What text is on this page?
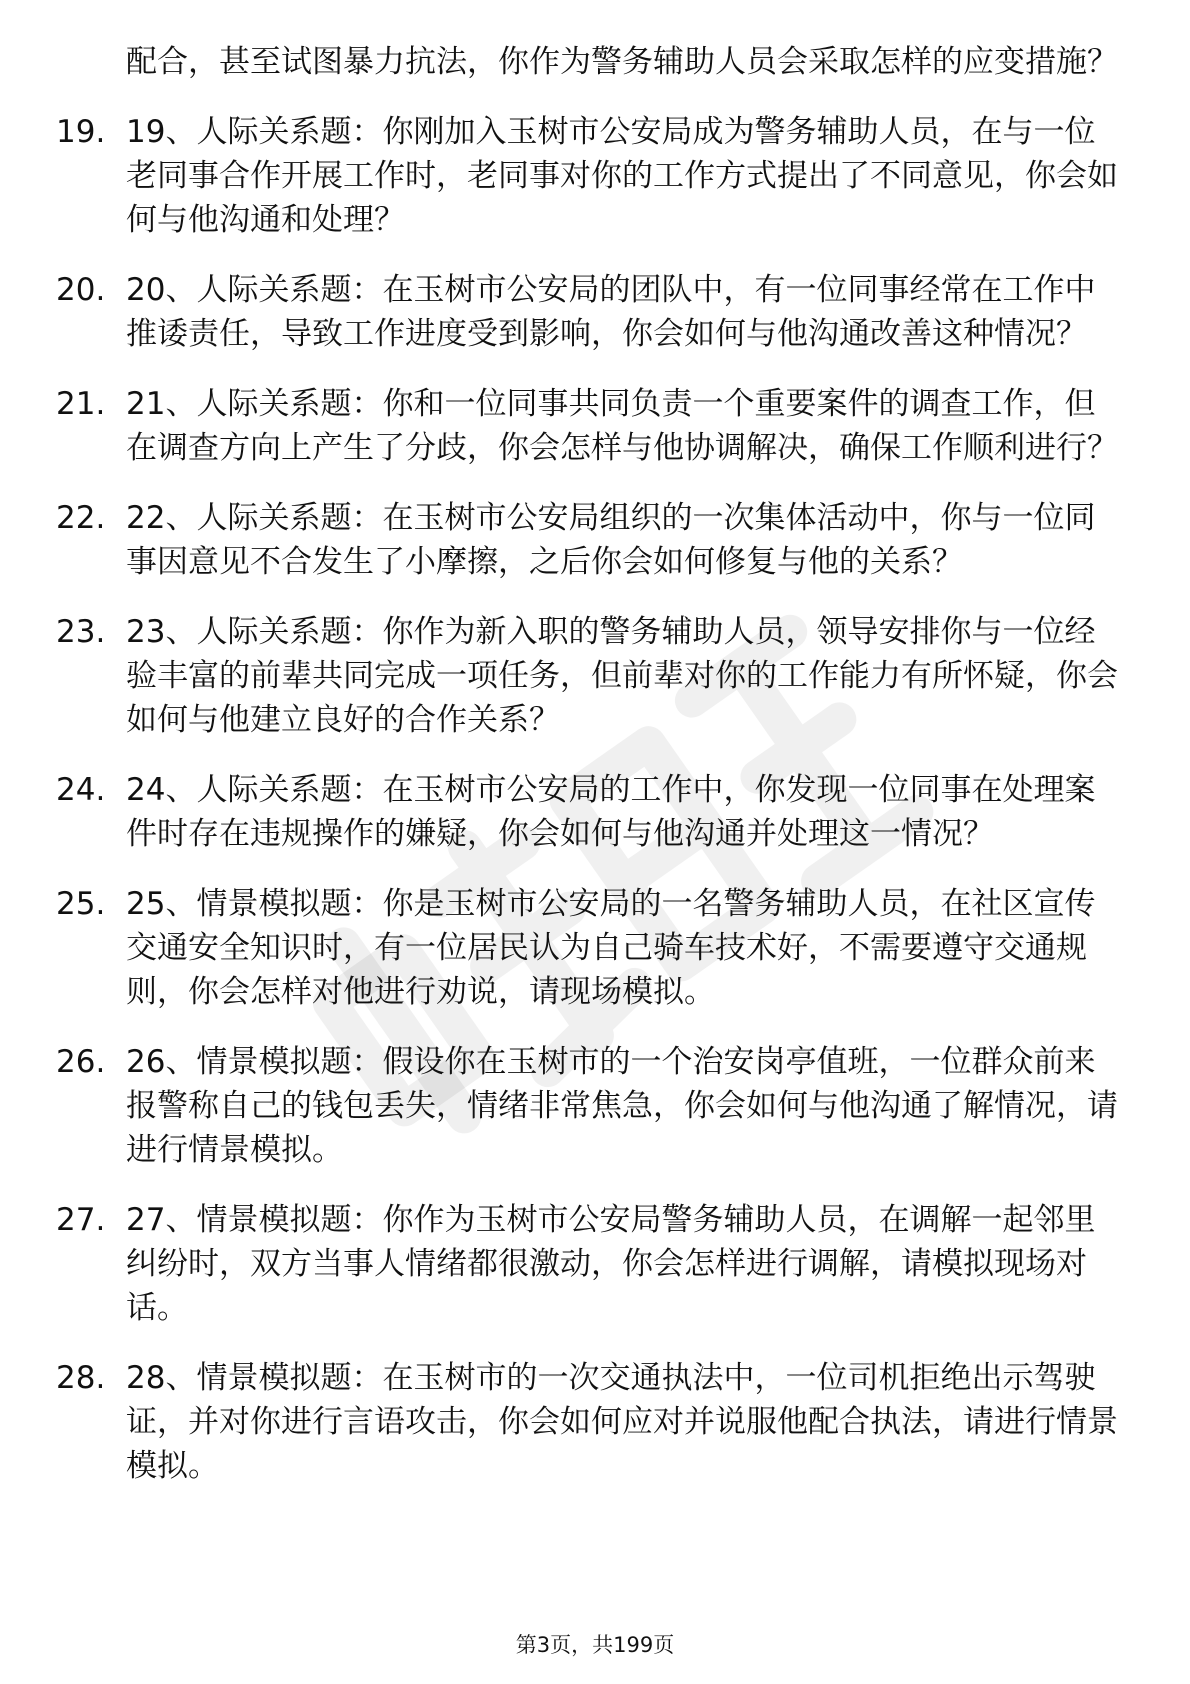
配合，甚至试图暴力抗法，你作为警务辅助人员会采取怎样的应变措施？
19. 19、人际关系题：你刚加入玉树市公安局成为警务辅助人员，在与一位老同事合作开展工作时，老同事对你的工作方式提出了不同意见，你会如何与他沟通和处理？
20. 20、人际关系题：在玉树市公安局的团队中，有一位同事经常在工作中推诿责任，导致工作进度受到影响，你会如何与他沟通改善这种情况？
21. 21、人际关系题：你和一位同事共同负责一个重要案件的调查工作，但在调查方向上产生了分歧，你会怎样与他协调解决，确保工作顺利进行？
22. 22、人际关系题：在玉树市公安局组织的一次集体活动中，你与一位同事因意见不合发生了小摩擦，之后你会如何修复与他的关系？
23. 23、人际关系题：你作为新入职的警务辅助人员，领导安排你与一位经验丰富的前辈共同完成一项任务，但前辈对你的工作能力有所怀疑，你会如何与他建立良好的合作关系？
24. 24、人际关系题：在玉树市公安局的工作中，你发现一位同事在处理案件时存在违规操作的嫌疑，你会如何与他沟通并处理这一情况？
25. 25、情景模拟题：你是玉树市公安局的一名警务辅助人员，在社区宣传交通安全知识时，有一位居民认为自己骑车技术好，不需要遵守交通规则，你会怎样对他进行劝说，请现场模拟。
26. 26、情景模拟题：假设你在玉树市的一个治安岗亭值班，一位群众前来报警称自己的钱包丢失，情绪非常焦急，你会如何与他沟通了解情况，请进行情景模拟。
27. 27、情景模拟题：你作为玉树市公安局警务辅助人员，在调解一起邻里纠纷时，双方当事人情绪都很激动，你会怎样进行调解，请模拟现场对话。
28. 28、情景模拟题：在玉树市的一次交通执法中，一位司机拒绝出示驾驶证，并对你进行言语攻击，你会如何应对并说服他配合执法，请进行情景模拟。
第3页，共199页
